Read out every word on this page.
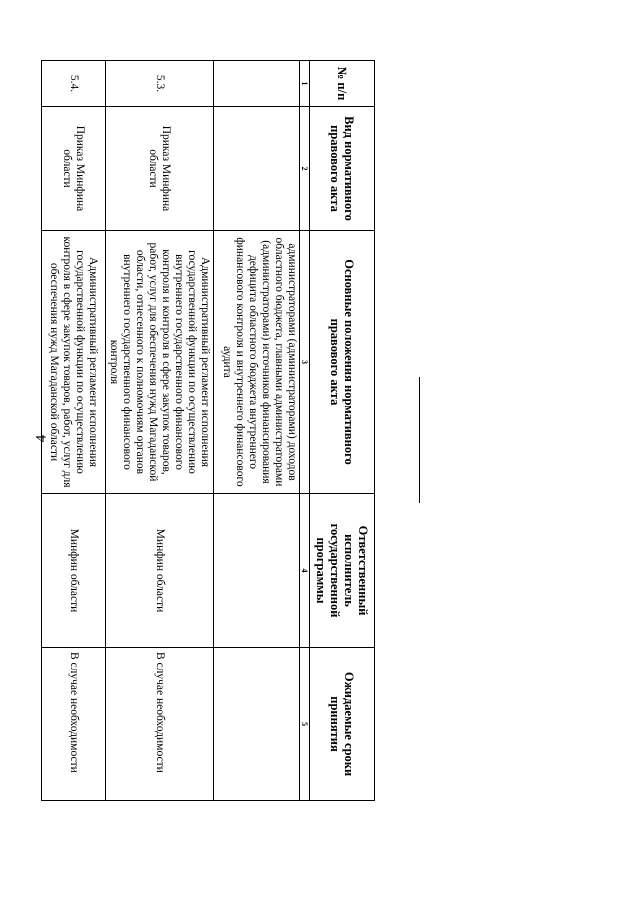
4
№ п/п	Вид нормативного правового акта	Основные положения нормативного правового акта	Ответственный исполнитель государственной программы	Ожидаемые сроки принятия
1	2	3	4	5
		администраторами (администраторами) доходов областного бюджета, главными администраторами (администраторами) источников финансирования дефицита областного бюджета внутреннего финансового контроля и внутреннего финансового аудита		
5.3.	Приказ Минфина области	Административный регламент исполнения государственной функции по осуществлению внутреннего государственного финансового контроля и контроля в сфере закупок товаров, работ, услуг для обеспечения нужд Магаданской области, отнесенного к полномочиям органов внутреннего государственного финансового контроля	Минфин области	В случае необходимости
5.4.	Приказ Минфина области	Административный регламент исполнения государственной функции по осуществлению контроля в сфере закупок товаров, работ, услуг для обеспечения нужд Магаданской области	Минфин области	В случае необходимости
